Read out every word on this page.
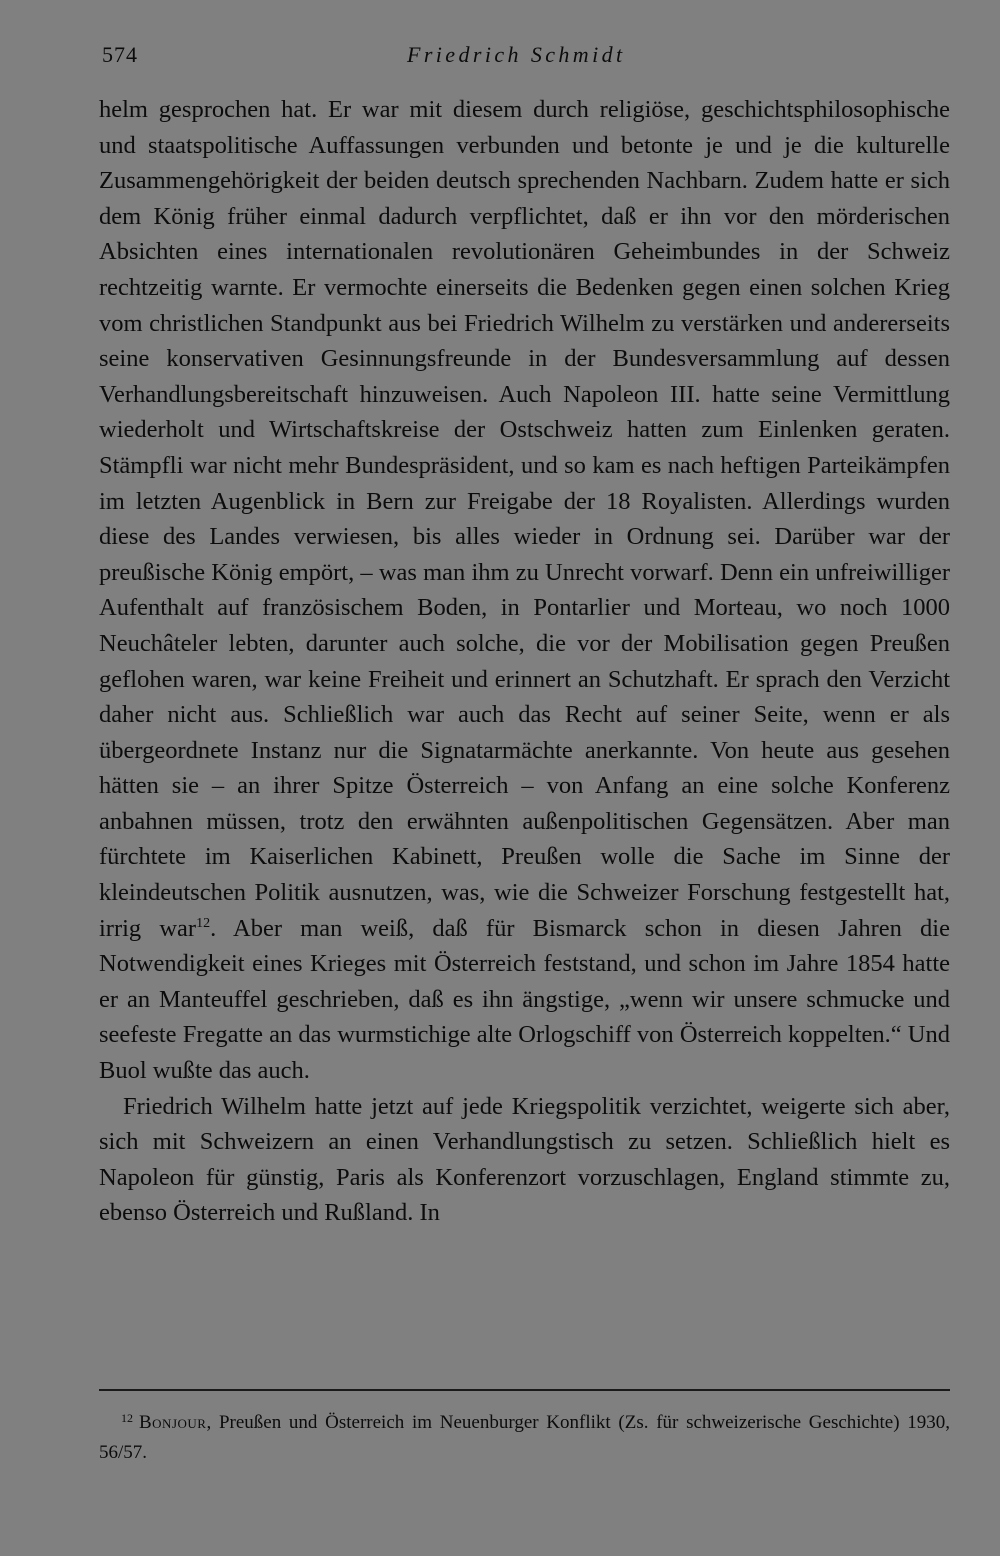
574	Friedrich Schmidt

helm gesprochen hat. Er war mit diesem durch religiöse, geschichtsphilosophische und staatspolitische Auffassungen verbunden und betonte je und je die kulturelle Zusammengehörigkeit der beiden deutsch sprechenden Nachbarn. Zudem hatte er sich dem König früher einmal dadurch verpflichtet, daß er ihn vor den mörderischen Absichten eines internationalen revolutionären Geheimbundes in der Schweiz rechtzeitig warnte. Er vermochte einerseits die Bedenken gegen einen solchen Krieg vom christlichen Standpunkt aus bei Friedrich Wilhelm zu verstärken und andererseits seine konservativen Gesinnungsfreunde in der Bundesversammlung auf dessen Verhandlungsbereitschaft hinzuweisen. Auch Napoleon III. hatte seine Vermittlung wiederholt und Wirtschaftskreise der Ostschweiz hatten zum Einlenken geraten. Stämpfli war nicht mehr Bundespräsident, und so kam es nach heftigen Parteikämpfen im letzten Augenblick in Bern zur Freigabe der 18 Royalisten. Allerdings wurden diese des Landes verwiesen, bis alles wieder in Ordnung sei. Darüber war der preußische König empört, – was man ihm zu Unrecht vorwarf. Denn ein unfreiwilliger Aufenthalt auf französischem Boden, in Pontarlier und Morteau, wo noch 1000 Neuchâteler lebten, darunter auch solche, die vor der Mobilisation gegen Preußen geflohen waren, war keine Freiheit und erinnert an Schutzhaft. Er sprach den Verzicht daher nicht aus. Schließlich war auch das Recht auf seiner Seite, wenn er als übergeordnete Instanz nur die Signatarmächte anerkannte. Von heute aus gesehen hätten sie – an ihrer Spitze Österreich – von Anfang an eine solche Konferenz anbahnen müssen, trotz den erwähnten außenpolitischen Gegensätzen. Aber man fürchtete im Kaiserlichen Kabinett, Preußen wolle die Sache im Sinne der kleindeutschen Politik ausnutzen, was, wie die Schweizer Forschung festgestellt hat, irrig war$^{12}$. Aber man weiß, daß für Bismarck schon in diesen Jahren die Notwendigkeit eines Krieges mit Österreich feststand, und schon im Jahre 1854 hatte er an Manteuffel geschrieben, daß es ihn ängstige, „wenn wir unsere schmucke und seefeste Fregatte an das wurmstichige alte Orlogschiff von Österreich koppelten.“ Und Buol wußte das auch.

Friedrich Wilhelm hatte jetzt auf jede Kriegspolitik verzichtet, weigerte sich aber, sich mit Schweizern an einen Verhandlungstisch zu setzen. Schließlich hielt es Napoleon für günstig, Paris als Konferenzort vorzuschlagen, England stimmte zu, ebenso Österreich und Rußland. In

$^{12}$ Bonjour, Preußen und Österreich im Neuenburger Konflikt (Zs. für schweizerische Geschichte) 1930, 56/57.
